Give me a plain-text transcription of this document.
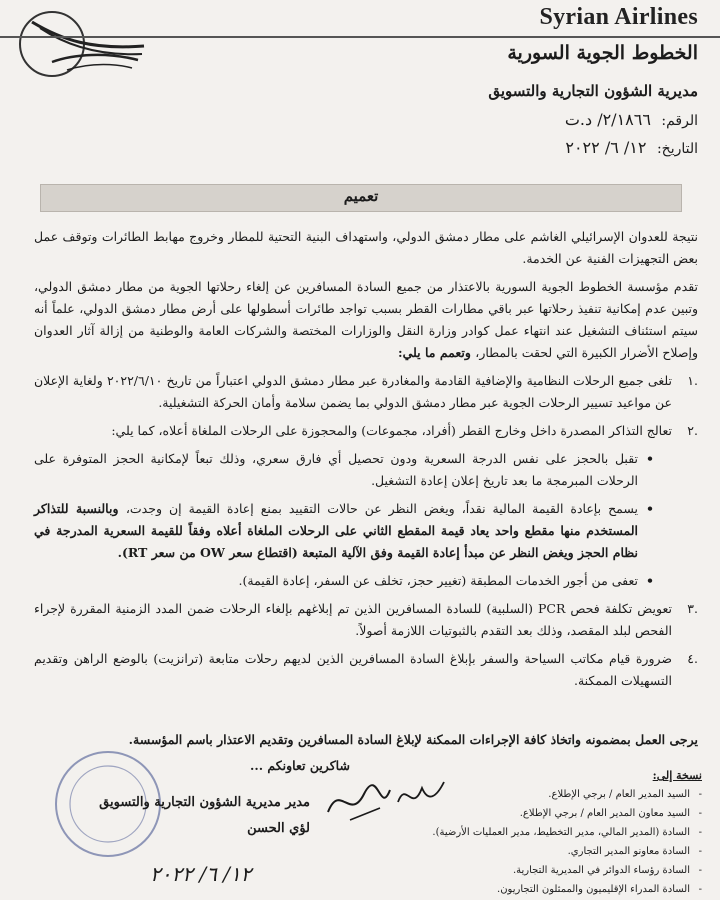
Syrian Airlines
الخطوط الجوية السورية
مديرية الشؤون التجارية والتسويق
الرقم: ٢/١٨٦٦/ د.ت
التاريخ: ١٢/ ٦/ ٢٠٢٢
تعميم

نتيجة للعدوان الإسرائيلي الغاشم على مطار دمشق الدولي، واستهداف البنية التحتية للمطار وخروج مهابط الطائرات وتوقف عمل بعض التجهيزات الفنية عن الخدمة.

تقدم مؤسسة الخطوط الجوية السورية بالاعتذار من جميع السادة المسافرين عن إلغاء رحلاتها الجوية من مطار دمشق الدولي، وتبين عدم إمكانية تنفيذ رحلاتها عبر باقي مطارات القطر بسبب تواجد طائرات أسطولها على أرض مطار دمشق الدولي، علماً أنه سيتم استئناف التشغيل عند انتهاء عمل كوادر وزارة النقل والوزارات المختصة والشركات العامة والوطنية من إزالة آثار العدوان وإصلاح الأضرار الكبيرة التي لحقت بالمطار، وتعمم ما يلي:

.١
تلغى جميع الرحلات النظامية والإضافية القادمة والمغادرة عبر مطار دمشق الدولي اعتباراً من تاريخ ٢٠٢٢/٦/١٠ ولغاية الإعلان عن مواعيد تسيير الرحلات الجوية عبر مطار دمشق الدولي بما يضمن سلامة وأمان الحركة التشغيلية.
.٢
تعالج التذاكر المصدرة داخل وخارج القطر (أفراد، مجموعات) والمحجوزة على الرحلات الملغاة أعلاه، كما يلي:
•
تقبل بالحجز على نفس الدرجة السعرية ودون تحصيل أي فارق سعري، وذلك تبعاً لإمكانية الحجز المتوفرة على الرحلات المبرمجة ما بعد تاريخ إعلان إعادة التشغيل.
•
يسمح بإعادة القيمة المالية نقداً، ويغض النظر عن حالات التقييد بمنع إعادة القيمة إن وجدت، وبالنسبة للتذاكر المستخدم منها مقطع واحد يعاد قيمة المقطع الثاني على الرحلات الملغاة أعلاه وفقاً للقيمة السعرية المدرجة في نظام الحجز ويغض النظر عن مبدأ إعادة القيمة وفق الآلية المتبعة (اقتطاع سعر OW من سعر RT).
•
تعفى من أجور الخدمات المطبقة (تغيير حجز، تخلف عن السفر، إعادة القيمة).
.٣
تعويض تكلفة فحص PCR (السلبية) للسادة المسافرين الذين تم إبلاغهم بإلغاء الرحلات ضمن المدد الزمنية المقررة لإجراء الفحص لبلد المقصد، وذلك بعد التقدم بالثبوتيات اللازمة أصولاً.
.٤
ضرورة قيام مكاتب السياحة والسفر بإبلاغ السادة المسافرين الذين لديهم رحلات متابعة (ترانزيت) بالوضع الراهن وتقديم التسهيلات الممكنة.
يرجى العمل بمضمونه واتخاذ كافة الإجراءات الممكنة لإبلاغ السادة المسافرين وتقديم الاعتذار باسم المؤسسة.
شاكرين تعاونكم ...
نسخة إلى:
- السيد المدير العام / برجي الإطلاع.
- السيد معاون المدير العام / برجي الإطلاع.
- السادة (المدير المالي، مدير التخطيط، مدير العمليات الأرضية).
- السادة معاونو المدير التجاري.
- السادة رؤساء الدوائر في المديرية التجارية.
- السادة المدراء الإقليميون والممثلون التجاريون.
مدير مديرية الشؤون التجارية والتسويق
لؤي الحسن
١٢/ ٦/ ٢٠٢٢
